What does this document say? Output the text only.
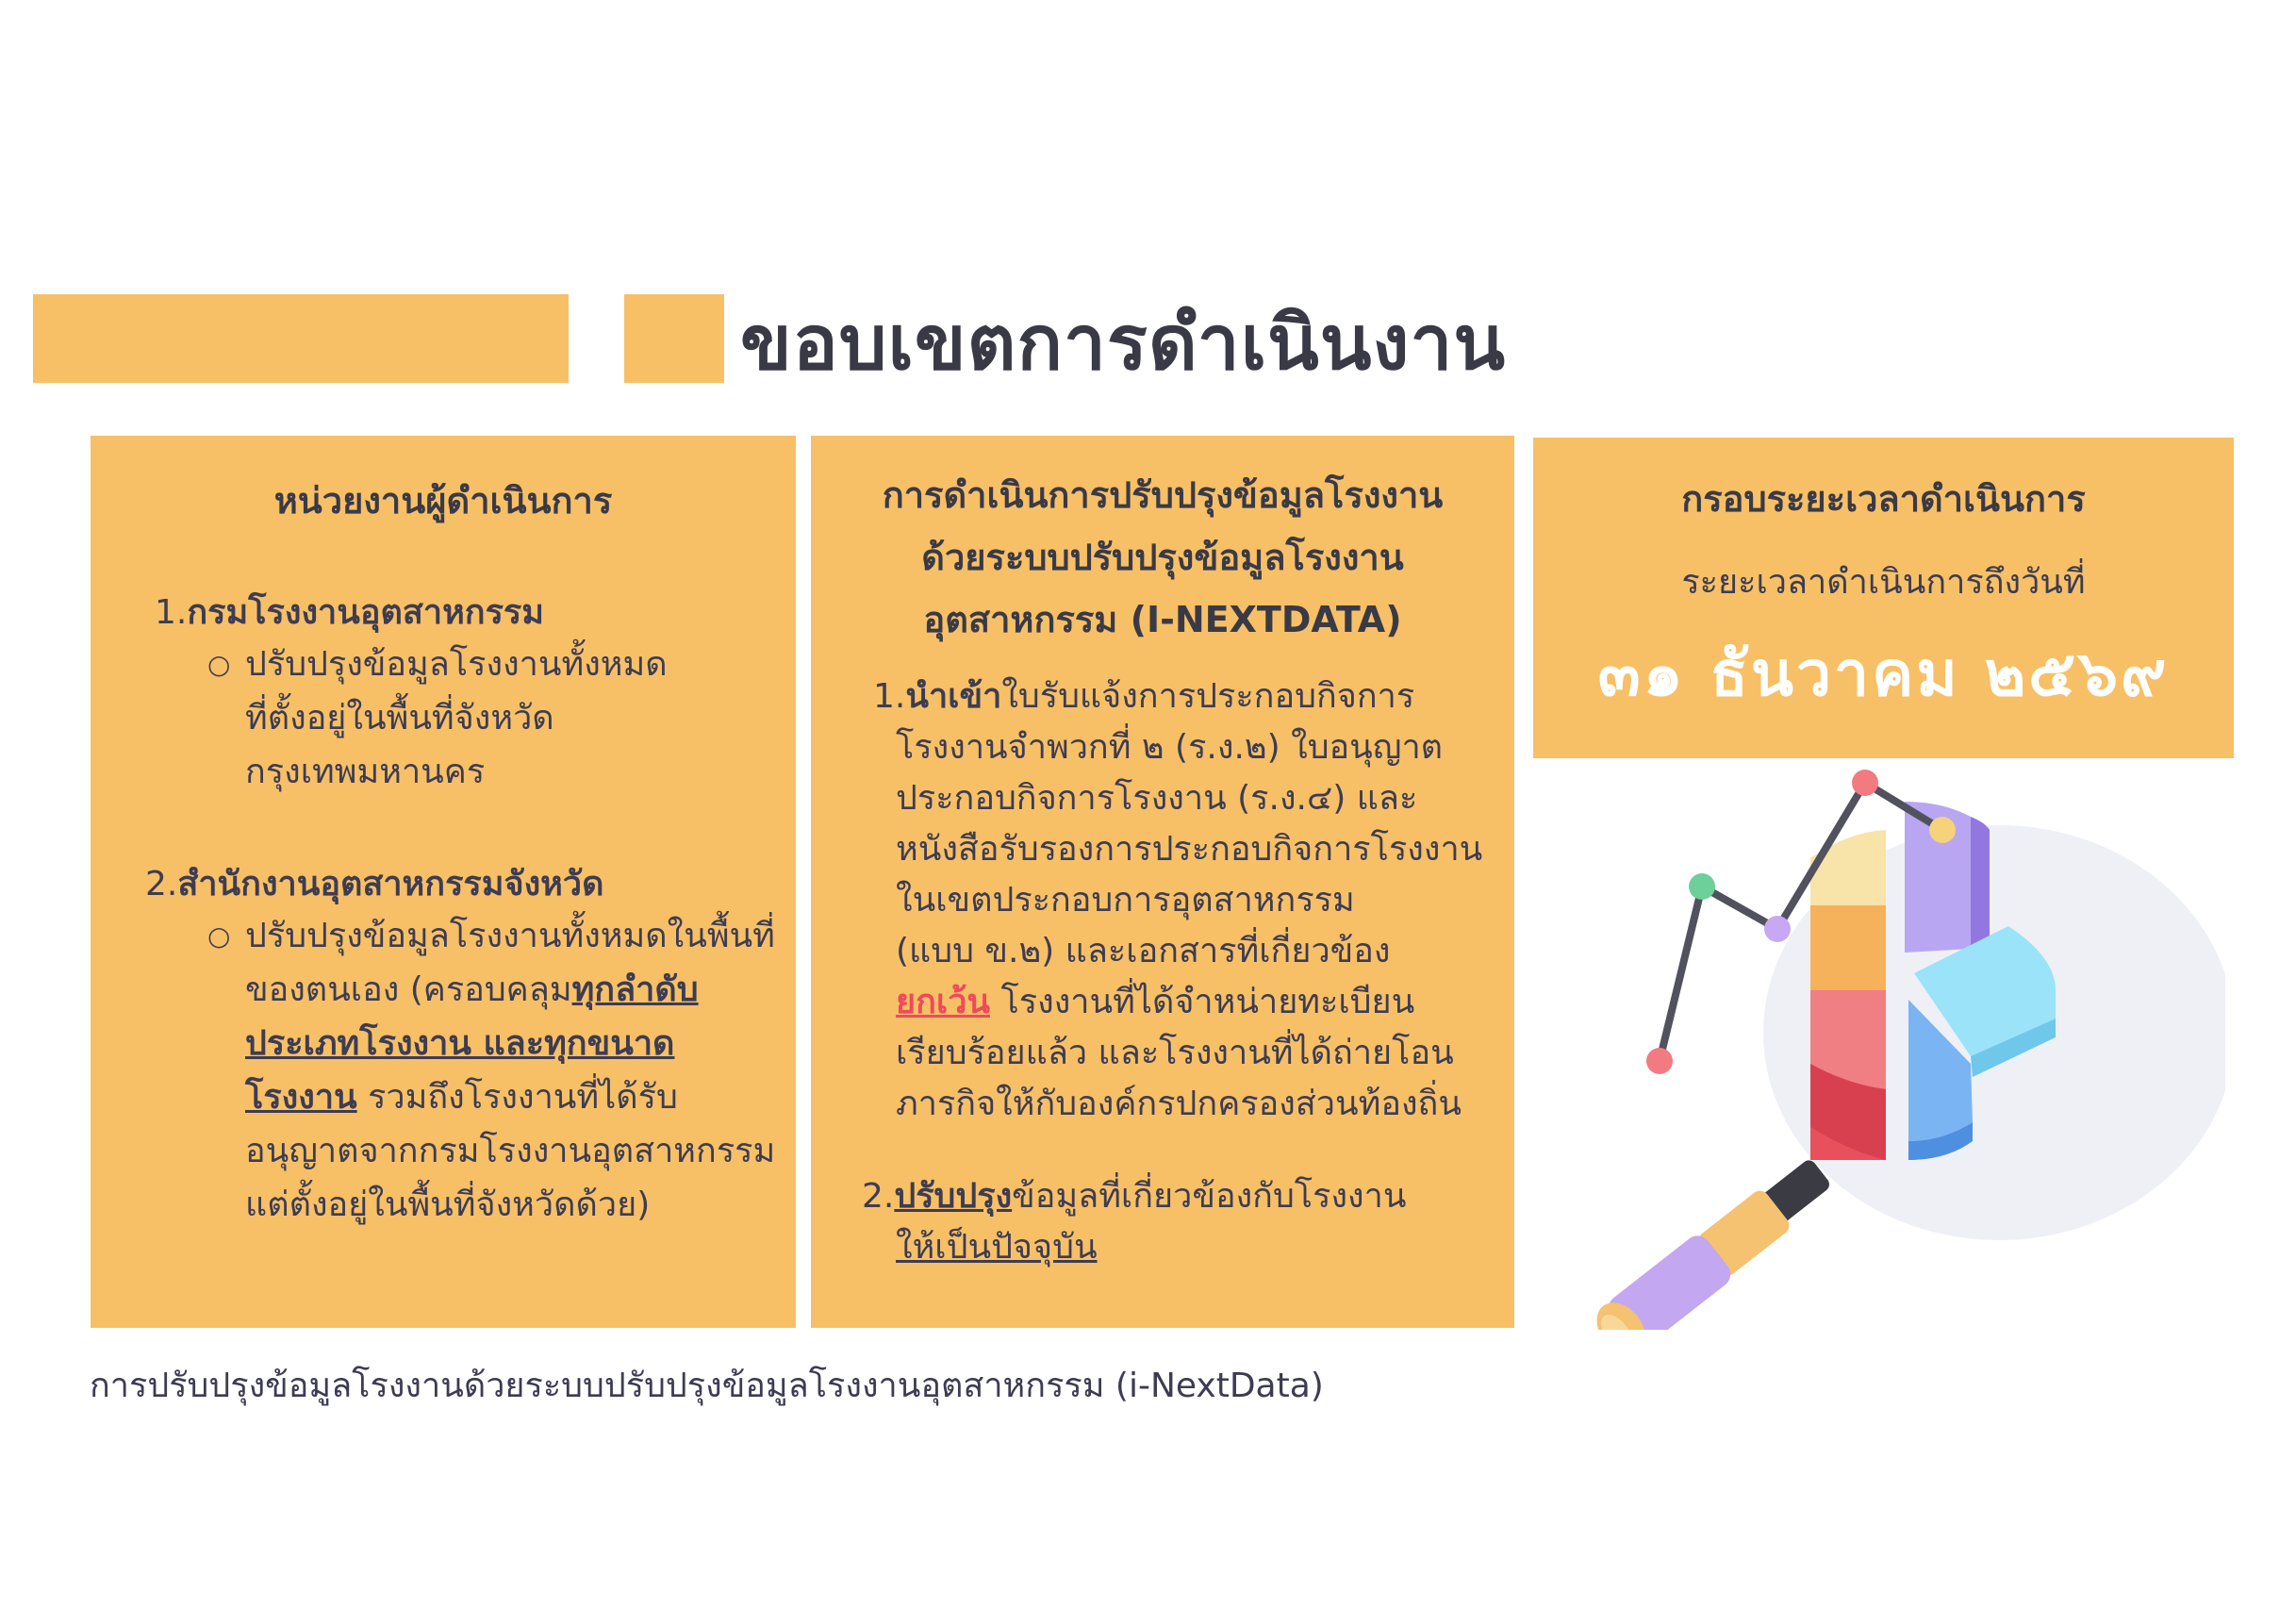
ขอบเขตการดำเนินงาน
หน่วยงานผู้ดำเนินการ
1.กรมโรงงานอุตสาหกรรม
○ ปรับปรุงข้อมูลโรงงานทั้งหมด
ที่ตั้งอยู่ในพื้นที่จังหวัด
กรุงเทพมหานคร
2.สำนักงานอุตสาหกรรมจังหวัด
○ ปรับปรุงข้อมูลโรงงานทั้งหมดในพื้นที่
ของตนเอง (ครอบคลุมทุกลำดับ
ประเภทโรงงาน และทุกขนาด
โรงงาน รวมถึงโรงงานที่ได้รับ
อนุญาตจากกรมโรงงานอุตสาหกรรม
แต่ตั้งอยู่ในพื้นที่จังหวัดด้วย)
การดำเนินการปรับปรุงข้อมูลโรงงาน
ด้วยระบบปรับปรุงข้อมูลโรงงาน
อุตสาหกรรม (I-NEXTDATA)
1.นำเข้าใบรับแจ้งการประกอบกิจการ
โรงงานจำพวกที่ ๒ (ร.ง.๒) ใบอนุญาต
ประกอบกิจการโรงงาน (ร.ง.๔) และ
หนังสือรับรองการประกอบกิจการโรงงาน
ในเขตประกอบการอุตสาหกรรม
(แบบ ข.๒) และเอกสารที่เกี่ยวข้อง
ยกเว้น โรงงานที่ได้จำหน่ายทะเบียน
เรียบร้อยแล้ว และโรงงานที่ได้ถ่ายโอน
ภารกิจให้กับองค์กรปกครองส่วนท้องถิ่น
2.ปรับปรุงข้อมูลที่เกี่ยวข้องกับโรงงาน
ให้เป็นปัจจุบัน
กรอบระยะเวลาดำเนินการ
ระยะเวลาดำเนินการถึงวันที่
๓๑ ธันวาคม ๒๕๖๙
การปรับปรุงข้อมูลโรงงานด้วยระบบปรับปรุงข้อมูลโรงงานอุตสาหกรรม (i-NextData)
